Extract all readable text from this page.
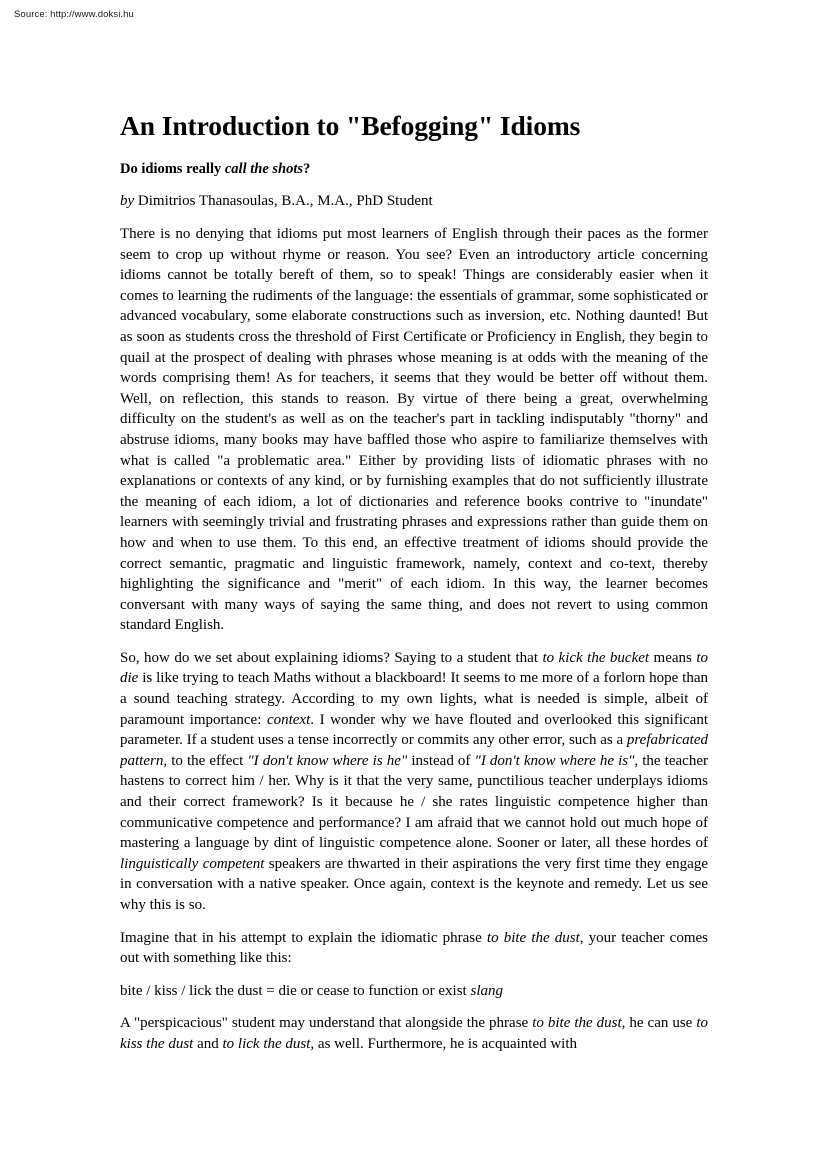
Source: http://www.doksi.hu
An Introduction to "Befogging" Idioms

Do idioms really call the shots?

by Dimitrios Thanasoulas, B.A., M.A., PhD Student

There is no denying that idioms put most learners of English through their paces as the former seem to crop up without rhyme or reason. You see? Even an introductory article concerning idioms cannot be totally bereft of them, so to speak! Things are considerably easier when it comes to learning the rudiments of the language: the essentials of grammar, some sophisticated or advanced vocabulary, some elaborate constructions such as inversion, etc. Nothing daunted! But as soon as students cross the threshold of First Certificate or Proficiency in English, they begin to quail at the prospect of dealing with phrases whose meaning is at odds with the meaning of the words comprising them! As for teachers, it seems that they would be better off without them. Well, on reflection, this stands to reason. By virtue of there being a great, overwhelming difficulty on the student's as well as on the teacher's part in tackling indisputably "thorny" and abstruse idioms, many books may have baffled those who aspire to familiarize themselves with what is called "a problematic area." Either by providing lists of idiomatic phrases with no explanations or contexts of any kind, or by furnishing examples that do not sufficiently illustrate the meaning of each idiom, a lot of dictionaries and reference books contrive to "inundate" learners with seemingly trivial and frustrating phrases and expressions rather than guide them on how and when to use them. To this end, an effective treatment of idioms should provide the correct semantic, pragmatic and linguistic framework, namely, context and co-text, thereby highlighting the significance and "merit" of each idiom. In this way, the learner becomes conversant with many ways of saying the same thing, and does not revert to using common standard English.

So, how do we set about explaining idioms? Saying to a student that to kick the bucket means to die is like trying to teach Maths without a blackboard! It seems to me more of a forlorn hope than a sound teaching strategy. According to my own lights, what is needed is simple, albeit of paramount importance: context. I wonder why we have flouted and overlooked this significant parameter. If a student uses a tense incorrectly or commits any other error, such as a prefabricated pattern, to the effect "I don't know where is he" instead of "I don't know where he is", the teacher hastens to correct him / her. Why is it that the very same, punctilious teacher underplays idioms and their correct framework? Is it because he / she rates linguistic competence higher than communicative competence and performance? I am afraid that we cannot hold out much hope of mastering a language by dint of linguistic competence alone. Sooner or later, all these hordes of linguistically competent speakers are thwarted in their aspirations the very first time they engage in conversation with a native speaker. Once again, context is the keynote and remedy. Let us see why this is so.

Imagine that in his attempt to explain the idiomatic phrase to bite the dust, your teacher comes out with something like this:

bite / kiss / lick the dust = die or cease to function or exist slang

A "perspicacious" student may understand that alongside the phrase to bite the dust, he can use to kiss the dust and to lick the dust, as well. Furthermore, he is acquainted with
